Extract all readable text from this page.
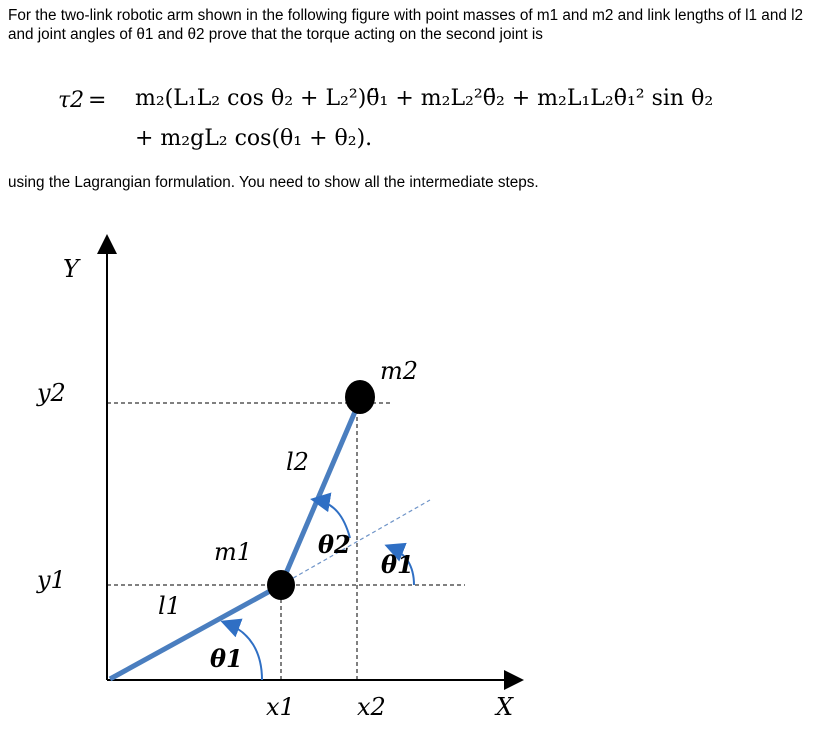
For the two-link robotic arm shown in the following figure with point masses of m1 and m2 and link lengths of l1 and l2 and joint angles of θ1 and θ2 prove that the torque acting on the second joint is

τ2 = m₂(L₁L₂ cos θ₂ + L₂²)θ̈₁ + m₂L₂²θ̈₂ + m₂L₁L₂θ̇₁² sin θ₂
+ m₂gL₂ cos(θ₁ + θ₂).

using the Lagrangian formulation. You need to show all the intermediate steps.

Y
y2
y1
x1	x2	X
m1
m2
l1
l2
θ1
θ2
θ1
